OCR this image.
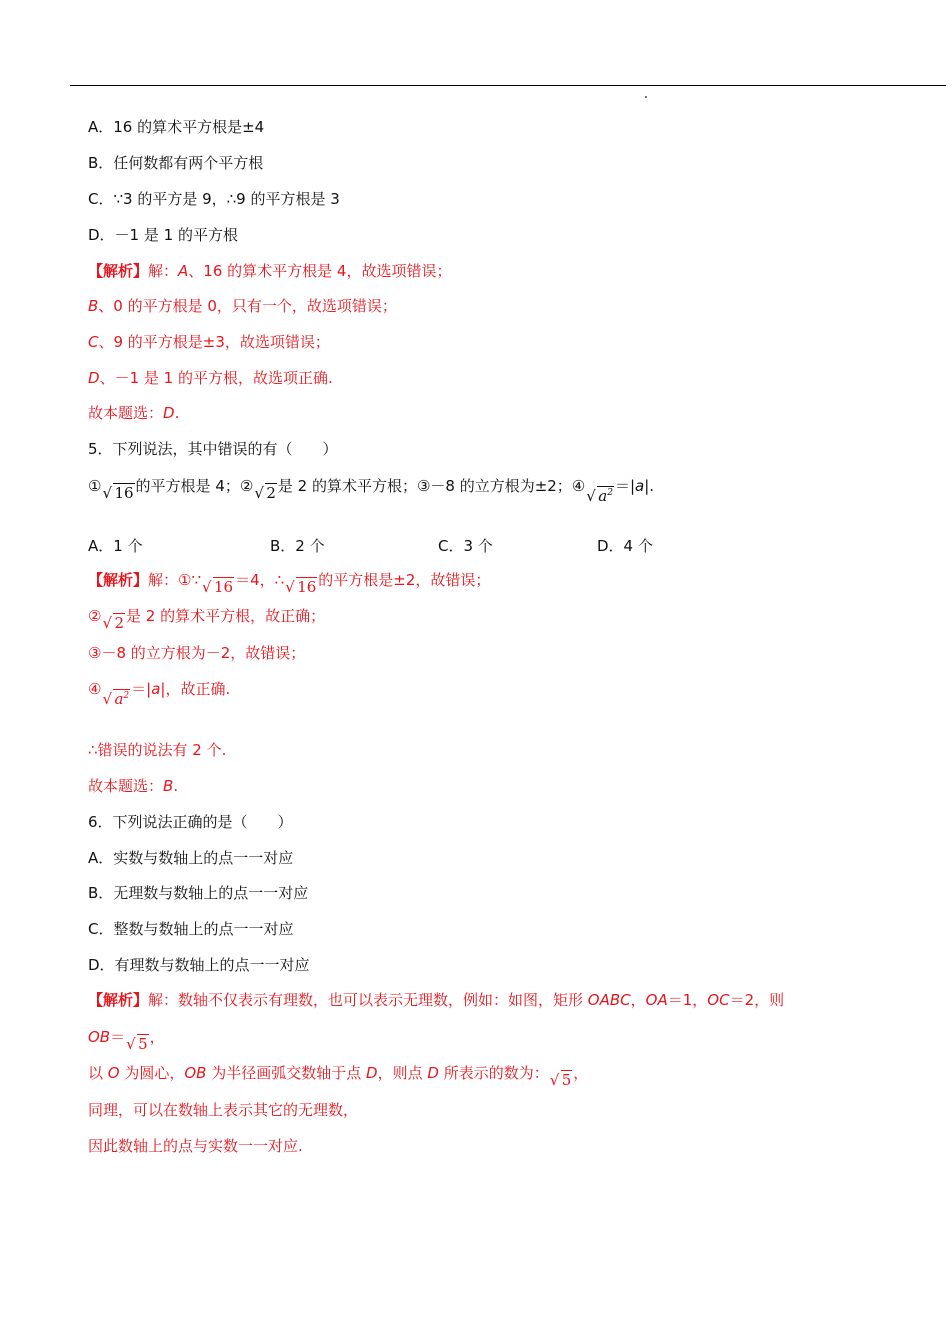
A．16 的算术平方根是±4
B．任何数都有两个平方根
C．∵3 的平方是 9，∴9 的平方根是 3
D．－1 是 1 的平方根
【解析】解：A、16 的算术平方根是 4，故选项错误；
B、0 的平方根是 0，只有一个，故选项错误；
C、9 的平方根是±3，故选项错误；
D、－1 是 1 的平方根，故选项正确.
故本题选：D.
5．下列说法，其中错误的有（　　）
① √ 16 的平方根是 4；② √ 2 是 2 的算术平方根；③－8 的立方根为±2；④
√ $a^2 =|a|$.
A．1 个	B．2 个	C．3 个	D．4 个
【解析】解：①∵ √ 16 ＝4，∴ √ 16 的平方根是±2，故错误；
② √ 2 是 2 的算术平方根，故正确；
③－8 的立方根为－2，故错误；
④
√ $a^2 =|a|$，故正确.
∴错误的说法有 2 个.
故本题选：B.
6．下列说法正确的是（　　）
A．实数与数轴上的点一一对应
B．无理数与数轴上的点一一对应
C．整数与数轴上的点一一对应
D．有理数与数轴上的点一一对应
【解析】解：数轴不仅表示有理数，也可以表示无理数，例如：如图，矩形 OABC，OA＝1，OC＝2，则
OB＝ √ 5 ，
以 O 为圆心，OB 为半径画弧交数轴于点 D，则点 D 所表示的数为： √ 5 ，
同理，可以在数轴上表示其它的无理数，
因此数轴上的点与实数一一对应.
